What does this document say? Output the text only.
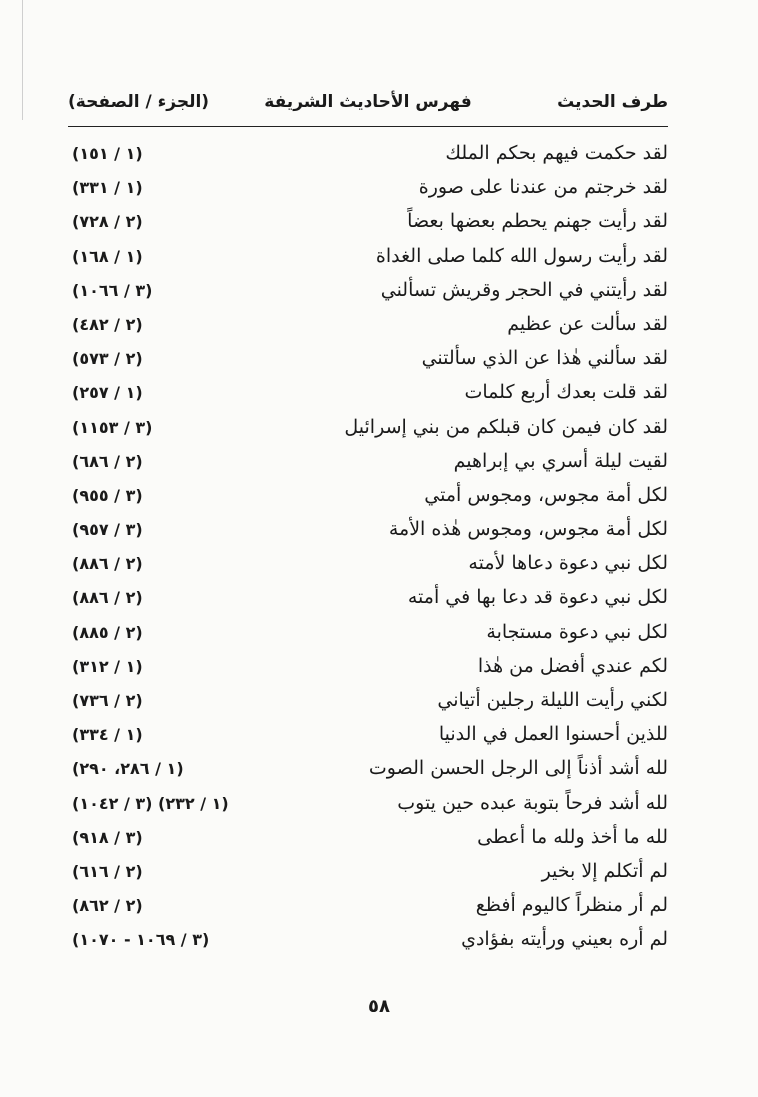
طرف الحديث
فهرس الأحاديث الشريفة
(الجزء / الصفحة)
لقد حكمت فيهم بحكم الملك
(١ / ١٥١)
لقد خرجتم من عندنا على صورة
(١ / ٣٣١)
لقد رأيت جهنم يحطم بعضها بعضاً
(٢ / ٧٢٨)
لقد رأيت رسول الله كلما صلى الغداة
(١ / ١٦٨)
لقد رأيتني في الحجر وقريش تسألني
(٣ / ١٠٦٦)
لقد سألت عن عظيم
(٢ / ٤٨٢)
لقد سألني هٰذا عن الذي سألتني
(٢ / ٥٧٣)
لقد قلت بعدك أربع كلمات
(١ / ٢٥٧)
لقد كان فيمن كان قبلكم من بني إسرائيل
(٣ / ١١٥٣)
لقيت ليلة أسري بي إبراهيم
(٢ / ٦٨٦)
لكل أمة مجوس، ومجوس أمتي
(٣ / ٩٥٥)
لكل أمة مجوس، ومجوس هٰذه الأمة
(٣ / ٩٥٧)
لكل نبي دعوة دعاها لأمته
(٢ / ٨٨٦)
لكل نبي دعوة قد دعا بها في أمته
(٢ / ٨٨٦)
لكل نبي دعوة مستجابة
(٢ / ٨٨٥)
لكم عندي أفضل من هٰذا
(١ / ٣١٢)
لكني رأيت الليلة رجلين أتياني
(٢ / ٧٣٦)
للذين أحسنوا العمل في الدنيا
(١ / ٣٣٤)
لله أشد أذناً إلى الرجل الحسن الصوت
(١ / ٢٨٦، ٢٩٠)
لله أشد فرحاً بتوبة عبده حين يتوب
(١ / ٢٣٢) (٣ / ١٠٤٢)
لله ما أخذ ولله ما أعطى
(٣ / ٩١٨)
لم أتكلم إلا بخير
(٢ / ٦١٦)
لم أر منظراً كاليوم أفظع
(٢ / ٨٦٢)
لم أره بعيني ورأيته بفؤادي
(٣ / ١٠٦٩ - ١٠٧٠)
٥٨
